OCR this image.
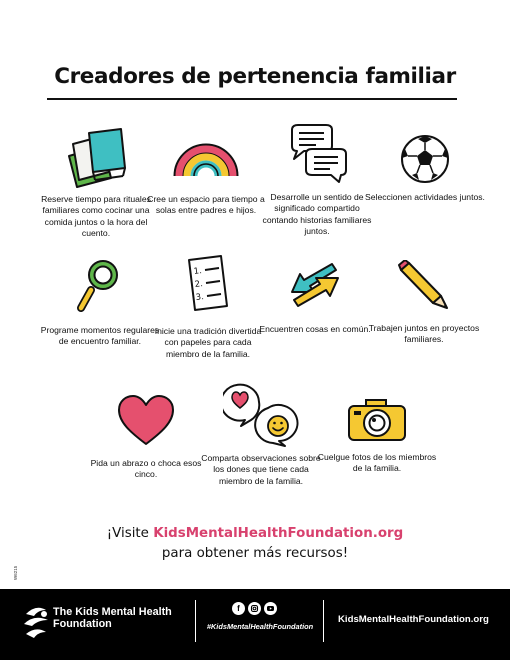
Creadores de pertenencia familiar
Reserve tiempo para rituales familiares como cocinar una comida juntos o la hora del cuento.
Cree un espacio para tiempo a solas entre padres e hijos.
Desarrolle un sentido de significado compartido contando historias familiares juntos.
Seleccionen actividades juntos.
Programe momentos regulares de encuentro familiar.
1.
2.
3.
Inicie una tradición divertida con papeles para cada miembro de la familia.
Encuentren cosas en común.
Trabajen juntos en proyectos familiares.
Pida un abrazo o choca esos cinco.
Comparta observaciones sobre los dones que tiene cada miembro de la familia.
Cuelgue fotos de los miembros de la familia.
¡Visite KidsMentalHealthFoundation.org
para obtener más recursos!
W6215
The Kids Mental Health
Foundation
f
#KidsMentalHealthFoundation
KidsMentalHealthFoundation.org
